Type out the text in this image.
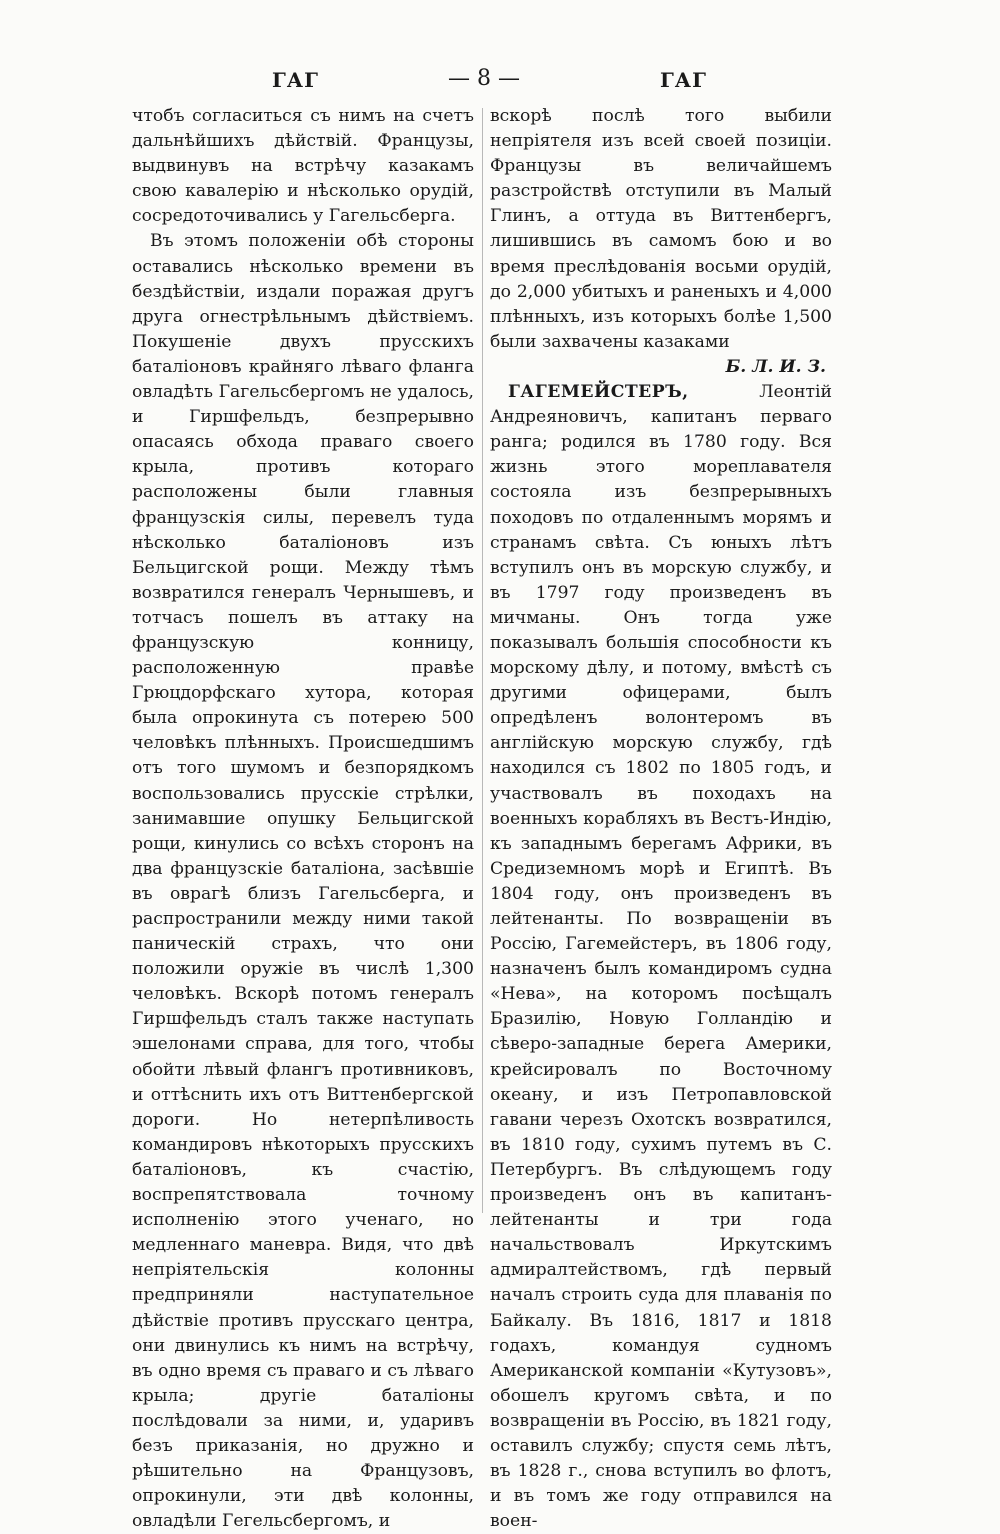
ГАГ	— 8 —	ГАГ

чтобъ согласиться съ нимъ на счетъ дальнѣйшихъ дѣйствій. Французы, выдвинувъ на встрѣчу казакамъ свою кавалерію и нѣсколько орудій, сосредоточивались у Гагельсберга.

Въ этомъ положеніи обѣ стороны оставались нѣсколько времени въ бездѣйствіи, издали поражая другъ друга огнестрѣльнымъ дѣйствіемъ. Покушеніе двухъ прусскихъ баталіоновъ крайняго лѣваго фланга овладѣть Гагельсбергомъ не удалось, и Гиршфельдъ, безпрерывно опасаясь обхода праваго своего крыла, противъ котораго расположены были главныя французскія силы, перевелъ туда нѣсколько баталіоновъ изъ Бельцигской рощи. Между тѣмъ возвратился генералъ Чернышевъ, и тотчасъ пошелъ въ аттаку на французскую конницу, расположенную правѣе Грюцдорфскаго хутора, которая была опрокинута съ потерею 500 человѣкъ плѣнныхъ. Происшедшимъ отъ того шумомъ и безпорядкомъ воспользовались прусскіе стрѣлки, занимавшие опушку Бельцигской рощи, кинулись со всѣхъ сторонъ на два французскіе баталіона, засѣвшіе въ оврагѣ близъ Гагельсберга, и распространили между ними такой паническій страхъ, что они положили оружіе въ числѣ 1,300 человѣкъ. Вскорѣ потомъ генералъ Гиршфельдъ сталъ также наступать эшелонами справа, для того, чтобы обойти лѣвый флангъ противниковъ, и оттѣснить ихъ отъ Виттенбергской дороги. Но нетерпѣливость командировъ нѣкоторыхъ прусскихъ баталіоновъ, къ счастію, воспрепятствовала точному исполненію этого ученаго, но медленнаго маневра. Видя, что двѣ непріятельскія колонны предприняли наступательное дѣйствіе противъ прусскаго центра, они двинулись къ нимъ на встрѣчу, въ одно время съ праваго и съ лѣваго крыла; другіе баталіоны послѣдовали за ними, и, ударивъ безъ приказанія, но дружно и рѣшительно на Французовъ, опрокинули, эти двѣ колонны, овладѣли Гегельсбергомъ, и

вскорѣ послѣ того выбили непріятеля изъ всей своей позиціи. Французы въ величайшемъ разстройствѣ отступили въ Малый Глинъ, а оттуда въ Виттенбергъ, лишившись въ самомъ бою и во время преслѣдованія восьми орудій, до 2,000 убитыхъ и раненыхъ и 4,000 плѣнныхъ, изъ которыхъ болѣе 1,500 были захвачены казаками

Б. Л. И. З.

ГАГЕМЕЙСТЕРЪ, Леонтій Андреяновичъ, капитанъ перваго ранга; родился въ 1780 году. Вся жизнь этого мореплавателя состояла изъ безпрерывныхъ походовъ по отдаленнымъ морямъ и странамъ свѣта. Съ юныхъ лѣтъ вступилъ онъ въ морскую службу, и въ 1797 году произведенъ въ мичманы. Онъ тогда уже показывалъ большія способности къ морскому дѣлу, и потому, вмѣстѣ съ другими офицерами, былъ опредѣленъ волонтеромъ въ англійскую морскую службу, гдѣ находился съ 1802 по 1805 годъ, и участвовалъ въ походахъ на военныхъ корабляхъ въ Вестъ-Индію, къ западнымъ берегамъ Африки, въ Средиземномъ морѣ и Египтѣ. Въ 1804 году, онъ произведенъ въ лейтенанты. По возвращеніи въ Россію, Гагемейстеръ, въ 1806 году, назначенъ былъ командиромъ судна «Нева», на которомъ посѣщалъ Бразилію, Новую Голландію и сѣверо-западные берега Америки, крейсировалъ по Восточному океану, и изъ Петропавловской гавани черезъ Охотскъ возвратился, въ 1810 году, сухимъ путемъ въ С. Петербургъ. Въ слѣдующемъ году произведенъ онъ въ капитанъ-лейтенанты и три года начальствовалъ Иркутскимъ адмиралтействомъ, гдѣ первый началъ строить суда для плаванія по Байкалу. Въ 1816, 1817 и 1818 годахъ, командуя судномъ Американской компаніи «Кутузовъ», обошелъ кругомъ свѣта, и по возвращеніи въ Россію, въ 1821 году, оставилъ службу; спустя семь лѣтъ, въ 1828 г., снова вступилъ во флотъ, и въ томъ же году отправился на воен-
